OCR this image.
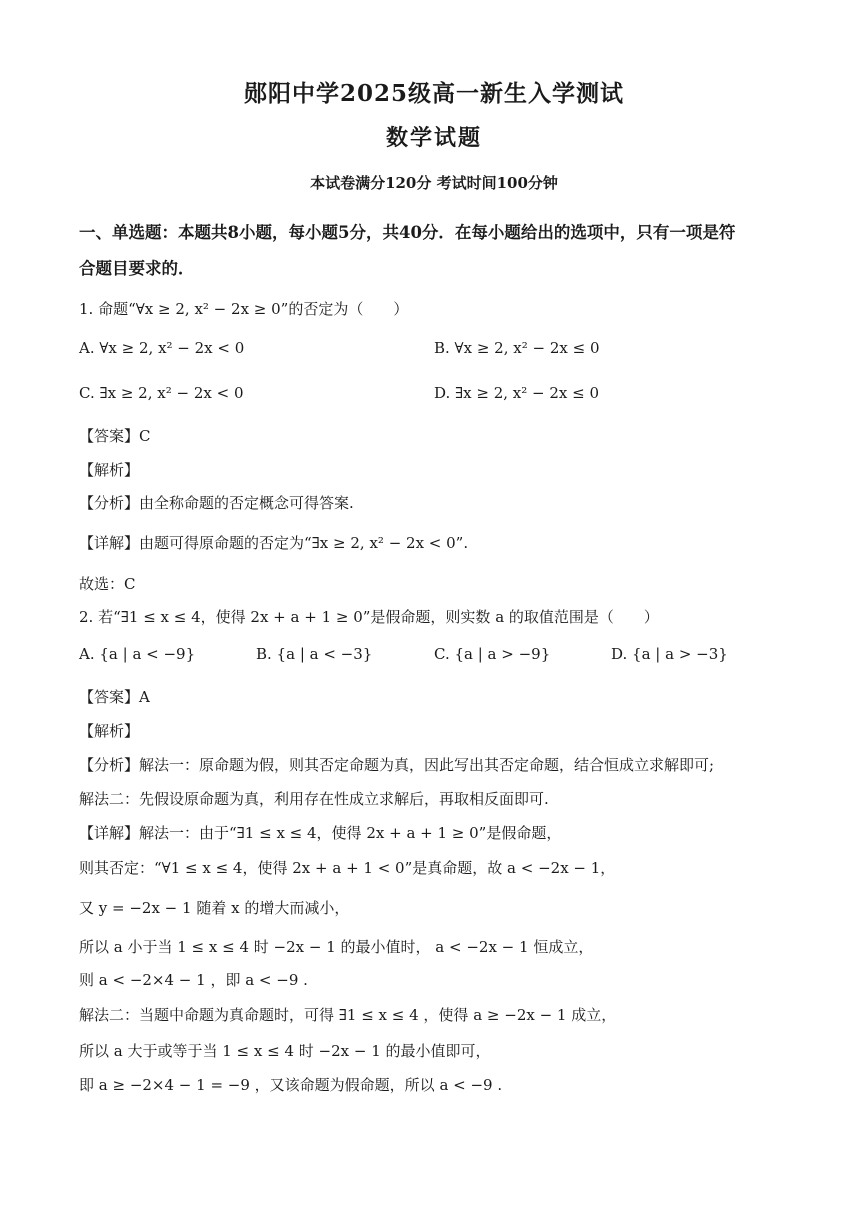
郧阳中学2025级高一新生入学测试
数学试题
本试卷满分120分 考试时间100分钟
一、单选题：本题共8小题，每小题5分，共40分．在每小题给出的选项中，只有一项是符
合题目要求的．
1. 命题“∀x ≥ 2, x² − 2x ≥ 0”的否定为（　　）
A. ∀x ≥ 2, x² − 2x < 0	B. ∀x ≥ 2, x² − 2x ≤ 0
C. ∃x ≥ 2, x² − 2x < 0	D. ∃x ≥ 2, x² − 2x ≤ 0
【答案】C
【解析】
【分析】由全称命题的否定概念可得答案.
【详解】由题可得原命题的否定为“∃x ≥ 2, x² − 2x < 0”.
故选：C
2. 若“∃1 ≤ x ≤ 4，使得 2x + a + 1 ≥ 0”是假命题，则实数 a 的取值范围是（　　）
A. {a | a < −9}	B. {a | a < −3}	C. {a | a > −9}	D. {a | a > −3}
【答案】A
【解析】
【分析】解法一：原命题为假，则其否定命题为真，因此写出其否定命题，结合恒成立求解即可;
解法二：先假设原命题为真，利用存在性成立求解后，再取相反面即可.
【详解】解法一：由于“∃1 ≤ x ≤ 4，使得 2x + a + 1 ≥ 0”是假命题，
则其否定：“∀1 ≤ x ≤ 4，使得 2x + a + 1 < 0”是真命题，故 a < −2x − 1，
又 y = −2x − 1 随着 x 的增大而减小，
所以 a 小于当 1 ≤ x ≤ 4 时 −2x − 1 的最小值时， a < −2x − 1 恒成立，
则 a < −2×4 − 1 ，即 a < −9 .
解法二：当题中命题为真命题时，可得 ∃1 ≤ x ≤ 4 ，使得 a ≥ −2x − 1 成立，
所以 a 大于或等于当 1 ≤ x ≤ 4 时 −2x − 1 的最小值即可，
即 a ≥ −2×4 − 1 = −9 ，又该命题为假命题，所以 a < −9 .
